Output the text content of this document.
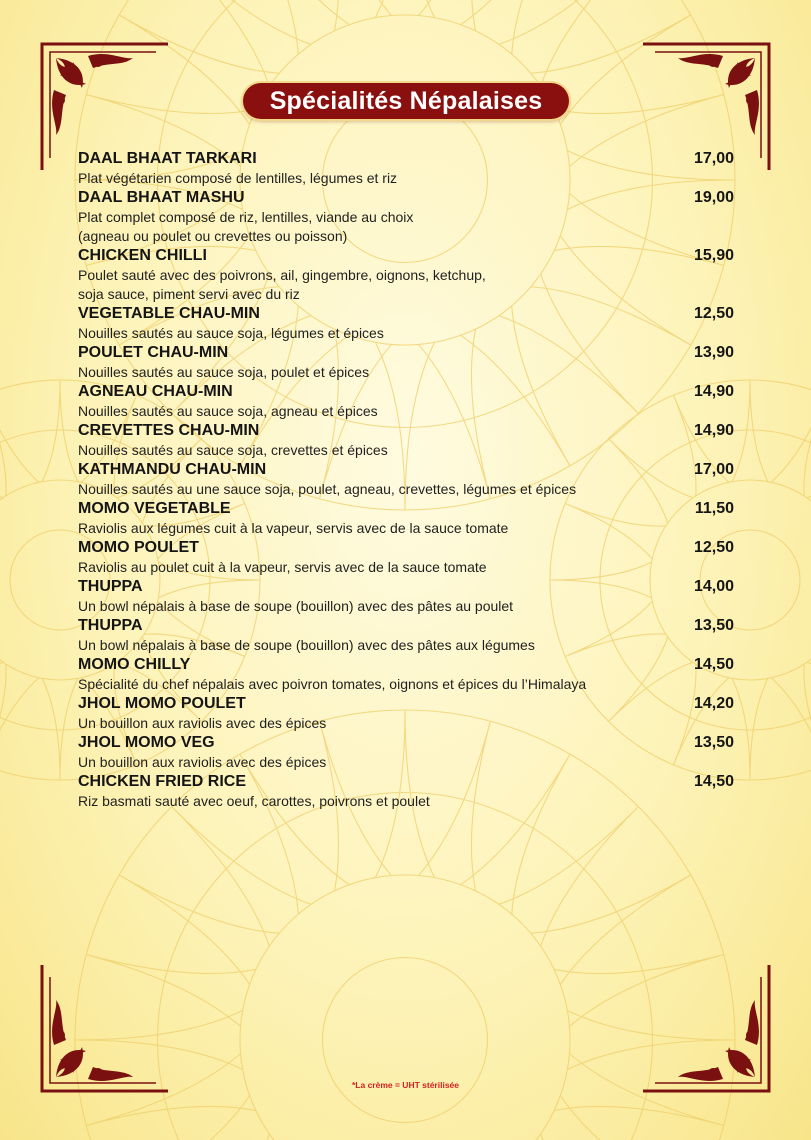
Spécialités Népalaises
DAAL BHAAT TARKARI	17,00
Plat végétarien composé de lentilles, légumes et riz
DAAL BHAAT MASHU	19,00
Plat complet composé de riz, lentilles, viande au choix
(agneau ou poulet ou crevettes ou poisson)
CHICKEN CHILLI	15,90
Poulet sauté avec des poivrons, ail, gingembre, oignons, ketchup,
soja sauce, piment servi avec du riz
VEGETABLE CHAU-MIN	12,50
Nouilles sautés au sauce soja, légumes et épices
POULET CHAU-MIN	13,90
Nouilles sautés au sauce soja, poulet et épices
AGNEAU CHAU-MIN	14,90
Nouilles sautés au sauce soja, agneau et épices
CREVETTES CHAU-MIN	14,90
Nouilles sautés au sauce soja, crevettes et épices
KATHMANDU CHAU-MIN	17,00
Nouilles sautés au une sauce soja, poulet, agneau, crevettes, légumes et épices
MOMO VEGETABLE	11,50
Raviolis aux légumes cuit à la vapeur, servis avec de la sauce tomate
MOMO POULET	12,50
Raviolis au poulet cuit à la vapeur, servis avec de la sauce tomate
THUPPA	14,00
Un bowl népalais à base de soupe (bouillon) avec des pâtes au poulet
THUPPA	13,50
Un bowl népalais à base de soupe (bouillon) avec des pâtes aux légumes
MOMO CHILLY	14,50
Spécialité du chef népalais avec poivron tomates, oignons et épices du l’Himalaya
JHOL MOMO POULET	14,20
Un bouillon aux raviolis avec des épices
JHOL MOMO VEG	13,50
Un bouillon aux raviolis avec des épices
CHICKEN FRIED RICE	14,50
Riz basmati sauté avec oeuf, carottes, poivrons et poulet
*La crème = UHT stérilisée
